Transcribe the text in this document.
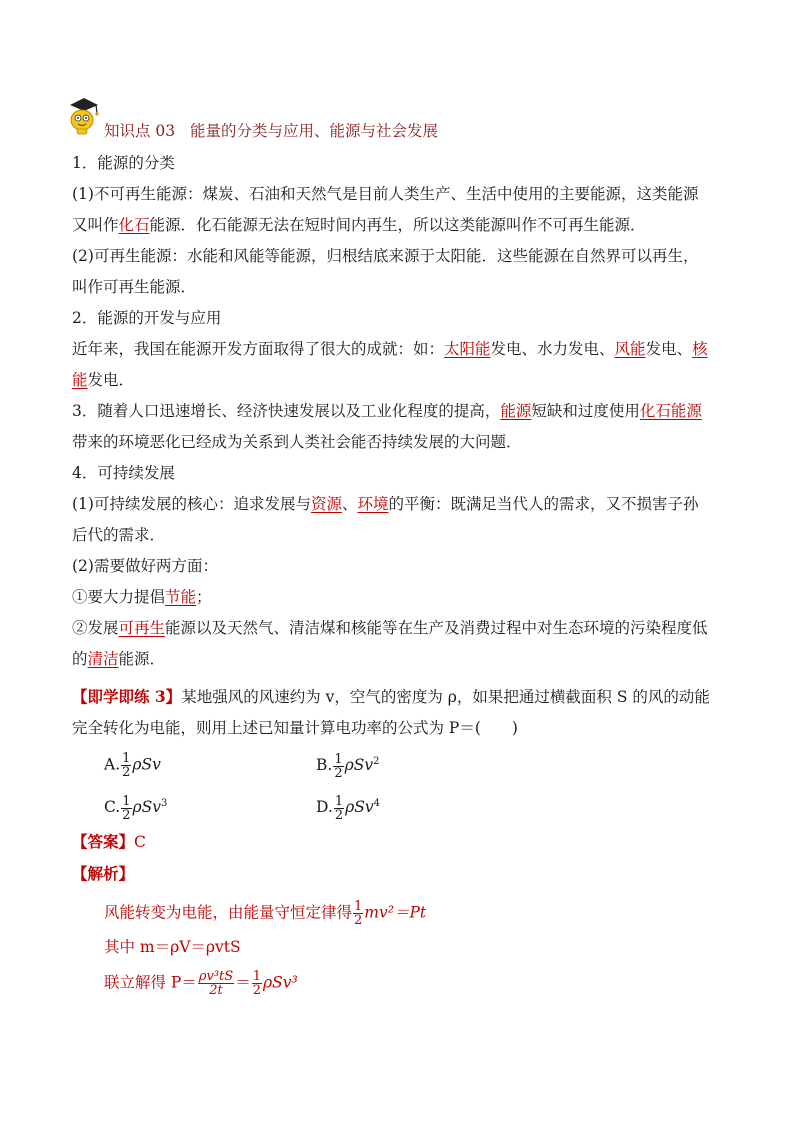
知识点 03 能量的分类与应用、能源与社会发展
1．能源的分类
(1)不可再生能源：煤炭、石油和天然气是目前人类生产、生活中使用的主要能源，这类能源
又叫作化石能源．化石能源无法在短时间内再生，所以这类能源叫作不可再生能源．
(2)可再生能源：水能和风能等能源，归根结底来源于太阳能．这些能源在自然界可以再生，
叫作可再生能源．
2．能源的开发与应用
近年来，我国在能源开发方面取得了很大的成就：如：太阳能发电、水力发电、风能发电、核
能发电．
3．随着人口迅速增长、经济快速发展以及工业化程度的提高，能源短缺和过度使用化石能源
带来的环境恶化已经成为关系到人类社会能否持续发展的大问题．
4．可持续发展
(1)可持续发展的核心：追求发展与资源、环境的平衡：既满足当代人的需求，又不损害子孙
后代的需求．
(2)需要做好两方面：
①要大力提倡节能；
②发展可再生能源以及天然气、清洁煤和核能等在生产及消费过程中对生态环境的污染程度低
的清洁能源．
【即学即练 3】某地强风的风速约为 v，空气的密度为 ρ，如果把通过横截面积 S 的风的动能
完全转化为电能，则用上述已知量计算电功率的公式为 P＝(　　)
A. $\frac{1}{2}$ ρSv	B. $\frac{1}{2} \rho Sv^2$
C. $\frac{1}{2} \rho Sv^3$	D. $\frac{1}{2} \rho Sv^4$
【答案】C
【解析】
风能转变为电能，由能量守恒定律得 $\frac{1}{2} mv^2=Pt$
其中 m＝ρV＝ρvtS
联立解得 $P= \frac{\text{ρv³tS}}{2t} = \frac{1}{2} \rho Sv^3$
